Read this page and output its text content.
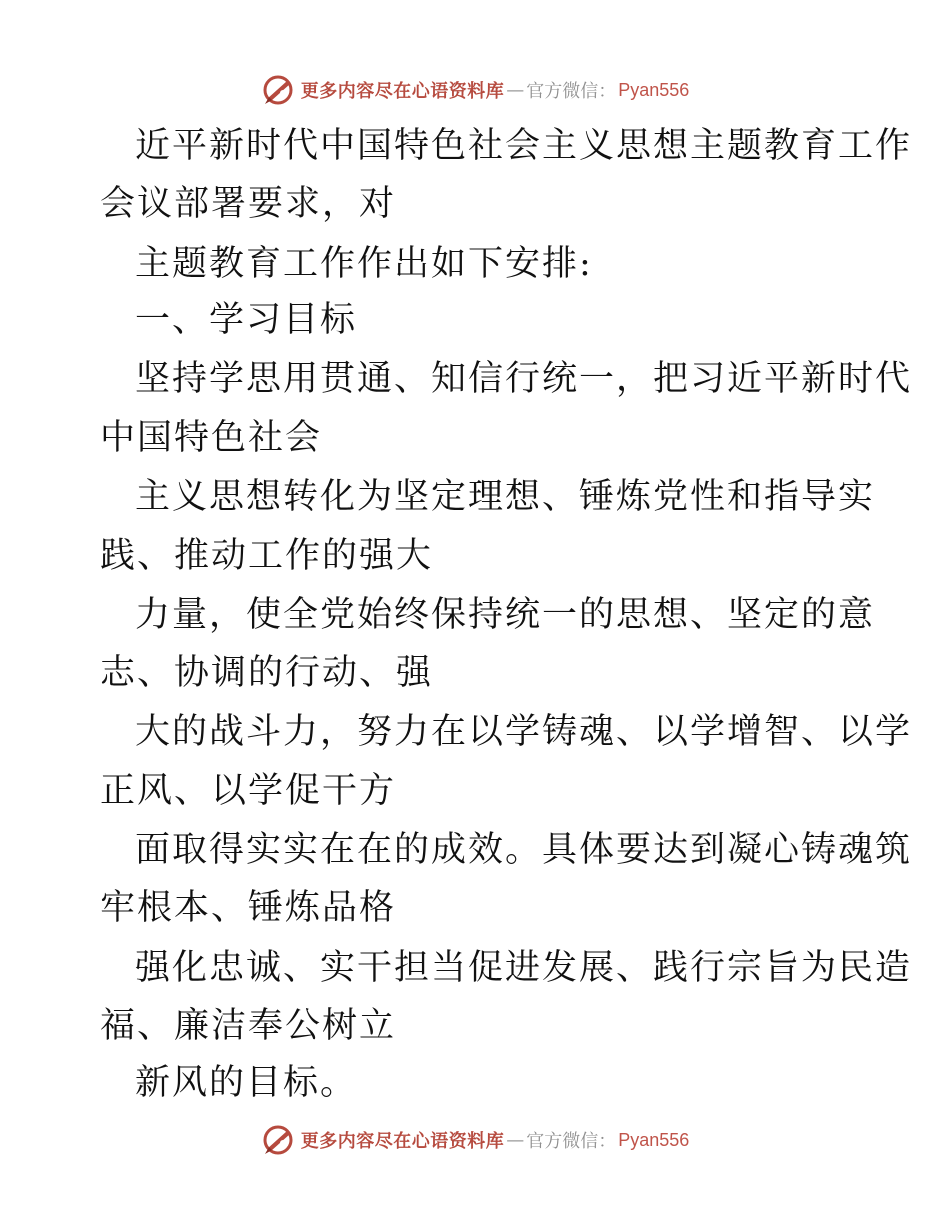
更多内容尽在心语资料库 — 官方微信： Pyan556
近平新时代中国特色社会主义思想主题教育工作
会议部署要求，对
主题教育工作作出如下安排:
一、学习目标
坚持学思用贯通、知信行统一，把习近平新时代
中国特色社会
主义思想转化为坚定理想、锤炼党性和指导实
践、推动工作的强大
力量，使全党始终保持统一的思想、坚定的意
志、协调的行动、强
大的战斗力，努力在以学铸魂、以学增智、以学
正风、以学促干方
面取得实实在在的成效。具体要达到凝心铸魂筑
牢根本、锤炼品格
强化忠诚、实干担当促进发展、践行宗旨为民造
福、廉洁奉公树立
新风的目标。
更多内容尽在心语资料库 — 官方微信： Pyan556
